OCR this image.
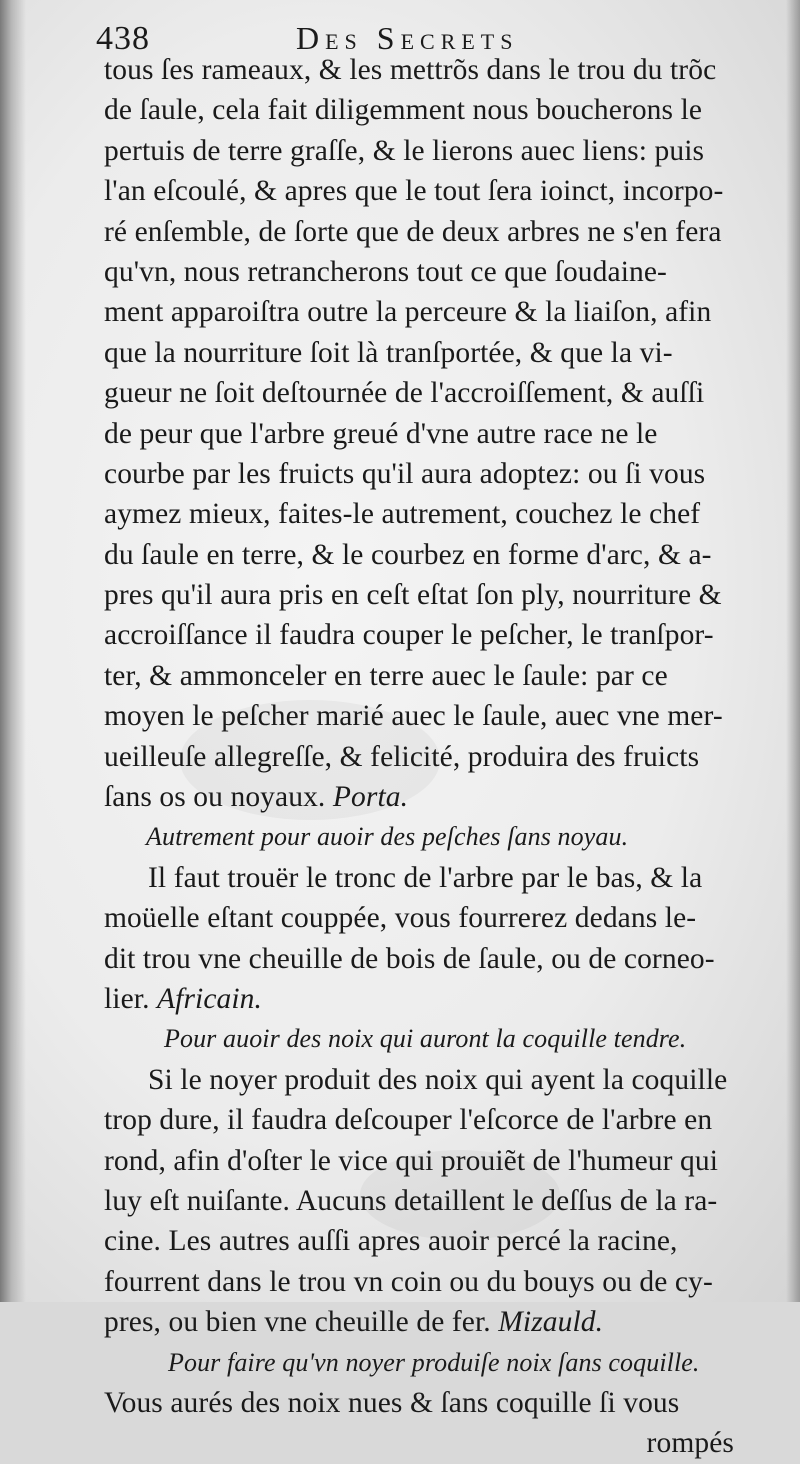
438	Des Secrets
tous ſes rameaux, & les mettrõs dans le trou du trõc
de ſaule, cela fait diligemment nous boucherons le
pertuis de terre graſſe, & le lierons auec liens: puis
l'an eſcoulé, & apres que le tout ſera ioinct, incorpo-
ré enſemble, de ſorte que de deux arbres ne s'en fera
qu'vn, nous retrancherons tout ce que ſoudaine-
ment apparoiſtra outre la perceure & la liaiſon, afin
que la nourriture ſoit là tranſportée, & que la vi-
gueur ne ſoit deſtournée de l'accroiſſement, & auſſi
de peur que l'arbre greué d'vne autre race ne le
courbe par les fruicts qu'il aura adoptez: ou ſi vous
aymez mieux, faites-le autrement, couchez le chef
du ſaule en terre, & le courbez en forme d'arc, & a-
pres qu'il aura pris en ceſt eſtat ſon ply, nourriture &
accroiſſance il faudra couper le peſcher, le tranſpor-
ter, & ammonceler en terre auec le ſaule: par ce
moyen le peſcher marié auec le ſaule, auec vne mer-
ueilleuſe allegreſſe, & felicité, produira des fruicts
ſans os ou noyaux. Porta.
Autrement pour auoir des peſches ſans noyau.
Il faut trouër le tronc de l'arbre par le bas, & la
moüelle eſtant couppée, vous fourrerez dedans le-
dit trou vne cheuille de bois de ſaule, ou de corneo-
lier. Africain.
Pour auoir des noix qui auront la coquille tendre.
Si le noyer produit des noix qui ayent la coquille
trop dure, il faudra deſcouper l'eſcorce de l'arbre en
rond, afin d'oſter le vice qui prouiẽt de l'humeur qui
luy eſt nuiſante. Aucuns detaillent le deſſus de la ra-
cine. Les autres auſſi apres auoir percé la racine,
fourrent dans le trou vn coin ou du bouys ou de cy-
pres, ou bien vne cheuille de fer. Mizauld.
Pour faire qu'vn noyer produiſe noix ſans coquille.
Vous aurés des noix nues & ſans coquille ſi vous
rompés
